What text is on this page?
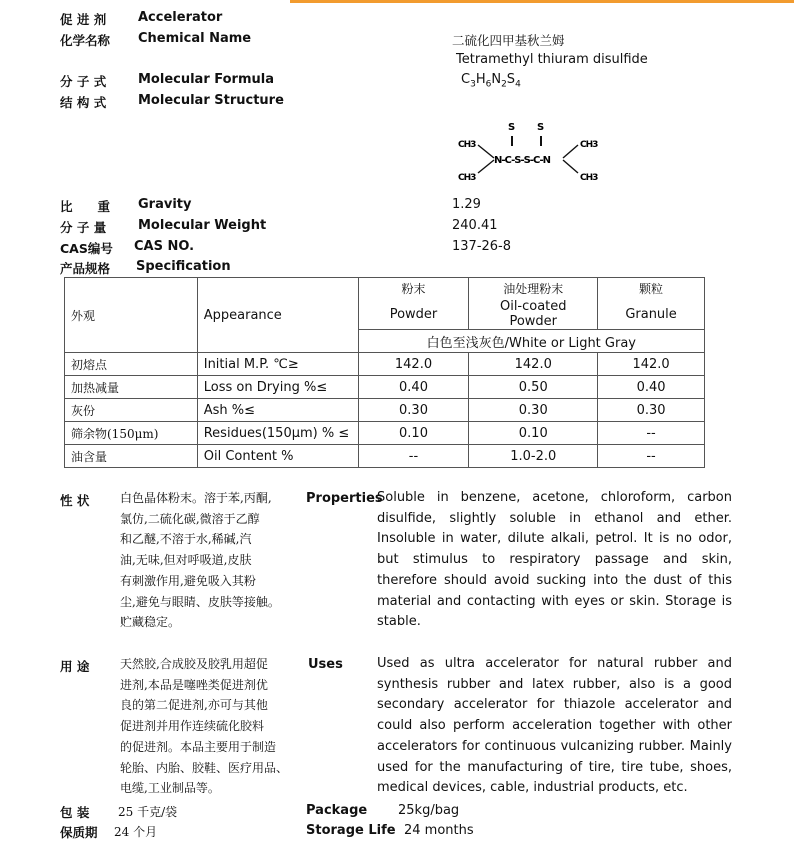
促 进 剂 Accelerator
化学名称 Chemical Name	二硫化四甲基秋兰姆
Tetramethyl thiuram disulfide
分 子 式 Molecular Formula	$C_3H_6N_2S_4$
结 构 式 Molecular Structure
S S
CH3
CH3
CH3
CH3
N-C-S-S-C-N
比　　重 Gravity	1.29
分 子 量 Molecular Weight	240.41
CAS编号 CAS NO.	137-26-8
产品规格 Specification
外观	Appearance	粉末	油处理粉末	颗粒
		Powder	Oil-coated Powder	Granule
		白色至浅灰色/White or Light Gray		
初熔点	Initial M.P. ℃≥	142.0	142.0	142.0
加热减量	Loss on Drying %≤	0.40	0.50	0.40
灰份	Ash %≤	0.30	0.30	0.30
筛余物(150μm)	Residues(150μm) % ≤	0.10	0.10	--
油含量	Oil Content %	--	1.0-2.0	--
性 状	白色晶体粉末。溶于苯,丙酮,
氯仿,二硫化碳,微溶于乙醇
和乙醚,不溶于水,稀碱,汽
油,无味,但对呼吸道,皮肤
有刺激作用,避免吸入其粉
尘,避免与眼睛、皮肤等接触。
贮藏稳定。
Properties
Soluble in benzene, acetone, chloroform, carbon disulfide, slightly soluble in ethanol and ether. Insoluble in water, dilute alkali, petrol. It is no odor, but stimulus to respiratory passage and skin, therefore should avoid sucking into the dust of this material and contacting with eyes or skin. Storage is stable.
用 途	天然胶,合成胶及胶乳用超促
进剂,本品是噻唑类促进剂优
良的第二促进剂,亦可与其他
促进剂并用作连续硫化胶料
的促进剂。本品主要用于制造
轮胎、内胎、胶鞋、医疗用品、
电缆,工业制品等。
Uses	Used as ultra accelerator for natural rubber and synthesis rubber and latex rubber, also is a good secondary accelerator for thiazole accelerator and could also perform acceleration together with other accelerators for continuous vulcanizing rubber. Mainly used for the manufacturing of tire, tire tube, shoes, medical devices, cable, industrial products, etc.
包 装 25 千克/袋	Package 25kg/bag
保质期 24 个月	Storage Life 24 months
